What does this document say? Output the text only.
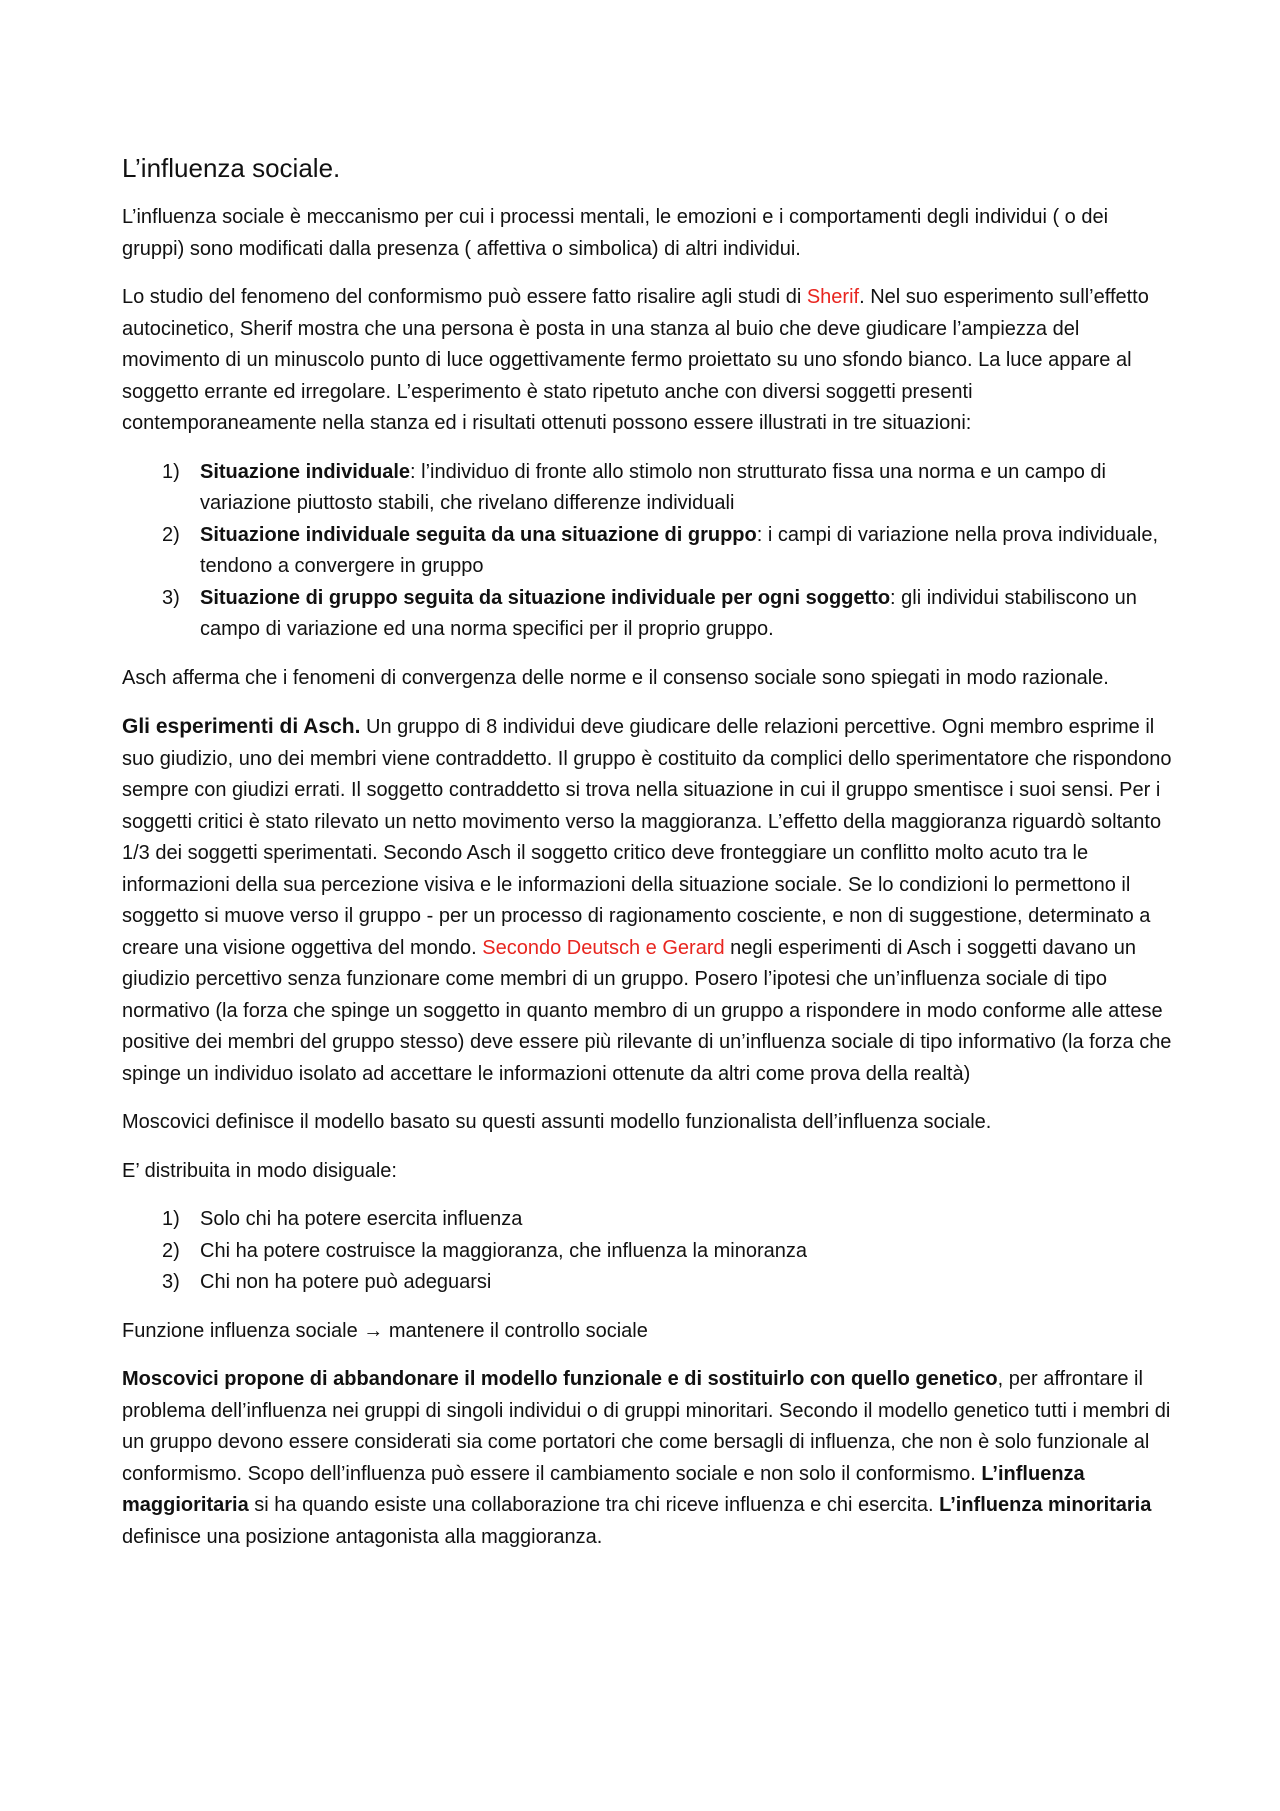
L’influenza sociale.

L’influenza sociale è meccanismo per cui i processi mentali, le emozioni e i comportamenti degli individui ( o dei gruppi) sono modificati dalla presenza ( affettiva o simbolica) di altri individui.

Lo studio del fenomeno del conformismo può essere fatto risalire agli studi di Sherif. Nel suo esperimento sull’effetto autocinetico, Sherif mostra che una persona è posta in una stanza al buio che deve giudicare l’ampiezza del movimento di un minuscolo punto di luce oggettivamente fermo proiettato su uno sfondo bianco. La luce appare al soggetto errante ed irregolare. L’esperimento è stato ripetuto anche con diversi soggetti presenti contemporaneamente nella stanza ed i risultati ottenuti possono essere illustrati in tre situazioni:

1) Situazione individuale: l’individuo di fronte allo stimolo non strutturato fissa una norma e un campo di variazione piuttosto stabili, che rivelano differenze individuali
2) Situazione individuale seguita da una situazione di gruppo: i campi di variazione nella prova individuale, tendono a convergere in gruppo
3) Situazione di gruppo seguita da situazione individuale per ogni soggetto: gli individui stabiliscono un campo di variazione ed una norma specifici per il proprio gruppo.

Asch afferma che i fenomeni di convergenza delle norme e il consenso sociale sono spiegati in modo razionale.

Gli esperimenti di Asch. Un gruppo di 8 individui deve giudicare delle relazioni percettive. Ogni membro esprime il suo giudizio, uno dei membri viene contraddetto. Il gruppo è costituito da complici dello sperimentatore che rispondono sempre con giudizi errati. Il soggetto contraddetto si trova nella situazione in cui il gruppo smentisce i suoi sensi. Per i soggetti critici è stato rilevato un netto movimento verso la maggioranza. L’effetto della maggioranza riguardò soltanto 1/3 dei soggetti sperimentati. Secondo Asch il soggetto critico deve fronteggiare un conflitto molto acuto tra le informazioni della sua percezione visiva e le informazioni della situazione sociale. Se lo condizioni lo permettono il soggetto si muove verso il gruppo - per un processo di ragionamento cosciente, e non di suggestione, determinato a creare una visione oggettiva del mondo. Secondo Deutsch e Gerard negli esperimenti di Asch i soggetti davano un giudizio percettivo senza funzionare come membri di un gruppo. Posero l’ipotesi che un’influenza sociale di tipo normativo (la forza che spinge un soggetto in quanto membro di un gruppo a rispondere in modo conforme alle attese positive dei membri del gruppo stesso) deve essere più rilevante di un’influenza sociale di tipo informativo (la forza che spinge un individuo isolato ad accettare le informazioni ottenute da altri come prova della realtà)

Moscovici definisce il modello basato su questi assunti modello funzionalista dell’influenza sociale.

E’ distribuita in modo disiguale:

1) Solo chi ha potere esercita influenza
2) Chi ha potere costruisce la maggioranza, che influenza la minoranza
3) Chi non ha potere può adeguarsi

Funzione influenza sociale → mantenere il controllo sociale

Moscovici propone di abbandonare il modello funzionale e di sostituirlo con quello genetico, per affrontare il problema dell’influenza nei gruppi di singoli individui o di gruppi minoritari. Secondo il modello genetico tutti i membri di un gruppo devono essere considerati sia come portatori che come bersagli di influenza, che non è solo funzionale al conformismo. Scopo dell’influenza può essere il cambiamento sociale e non solo il conformismo. L’influenza maggioritaria si ha quando esiste una collaborazione tra chi riceve influenza e chi esercita. L’influenza minoritaria definisce una posizione antagonista alla maggioranza.
